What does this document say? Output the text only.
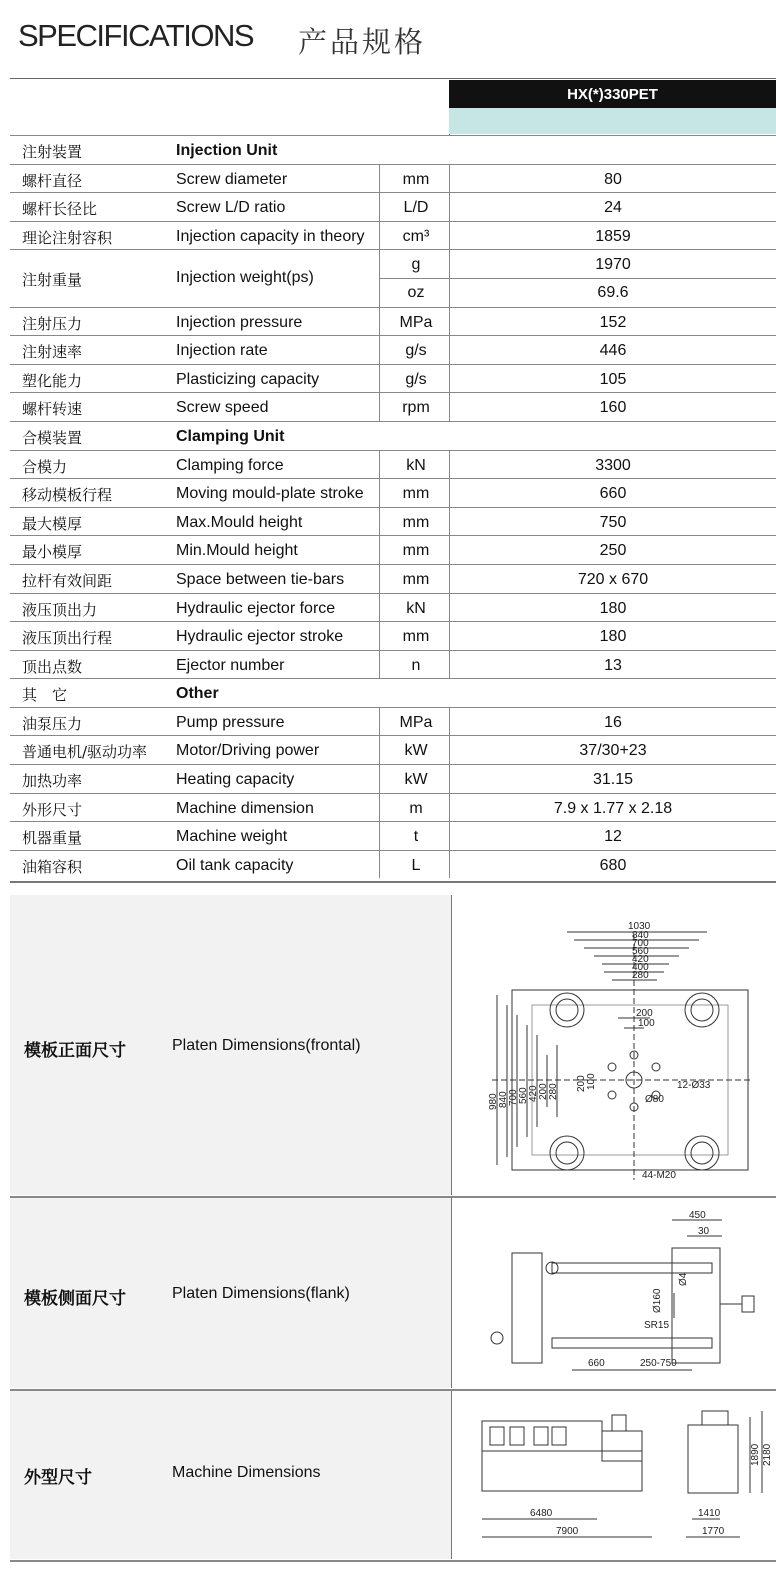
SPECIFICATIONS 产品规格
HX(*)330PET
注射装置	Injection Unit
螺杆直径	Screw diameter	mm	80
螺杆长径比	Screw L/D ratio	L/D	24
理论注射容积	Injection capacity in theory	cm³	1859
注射重量	Injection weight(ps)
g	1970
oz	69.6
注射压力	Injection pressure	MPa	152
注射速率	Injection rate	g/s	446
塑化能力	Plasticizing capacity	g/s	105
螺杆转速	Screw speed	rpm	160
合模装置	Clamping Unit
合模力	Clamping force	kN	3300
移动模板行程	Moving mould-plate stroke	mm	660
最大模厚	Max.Mould height	mm	750
最小模厚	Min.Mould height	mm	250
拉杆有效间距	Space between tie-bars	mm	720 x 670
液压顶出力	Hydraulic ejector force	kN	180
液压顶出行程	Hydraulic ejector stroke	mm	180
顶出点数	Ejector number	n	13
其　它	Other
油泵压力	Pump pressure	MPa	16
普通电机/驱动功率 Motor/Driving power	kW	37/30+23
加热功率	Heating capacity	kW	31.15
外形尺寸	Machine dimension	m	7.9 x 1.77 x 2.18
机器重量	Machine weight	t	12
油箱容积	Oil tank capacity	L	680
模板正面尺寸	Platen Dimensions(frontal)
1030
840
700
560
420
400
280
200
100
980 840 700 560 420 200 280 200 100	12-Ø33
Ø80
44-M20
模板侧面尺寸	Platen Dimensions(flank)
450
30
Ø160
Ø4
SR15
660	250-750
外型尺寸	Machine Dimensions
6480
7900
1410
1770
1890 2180
